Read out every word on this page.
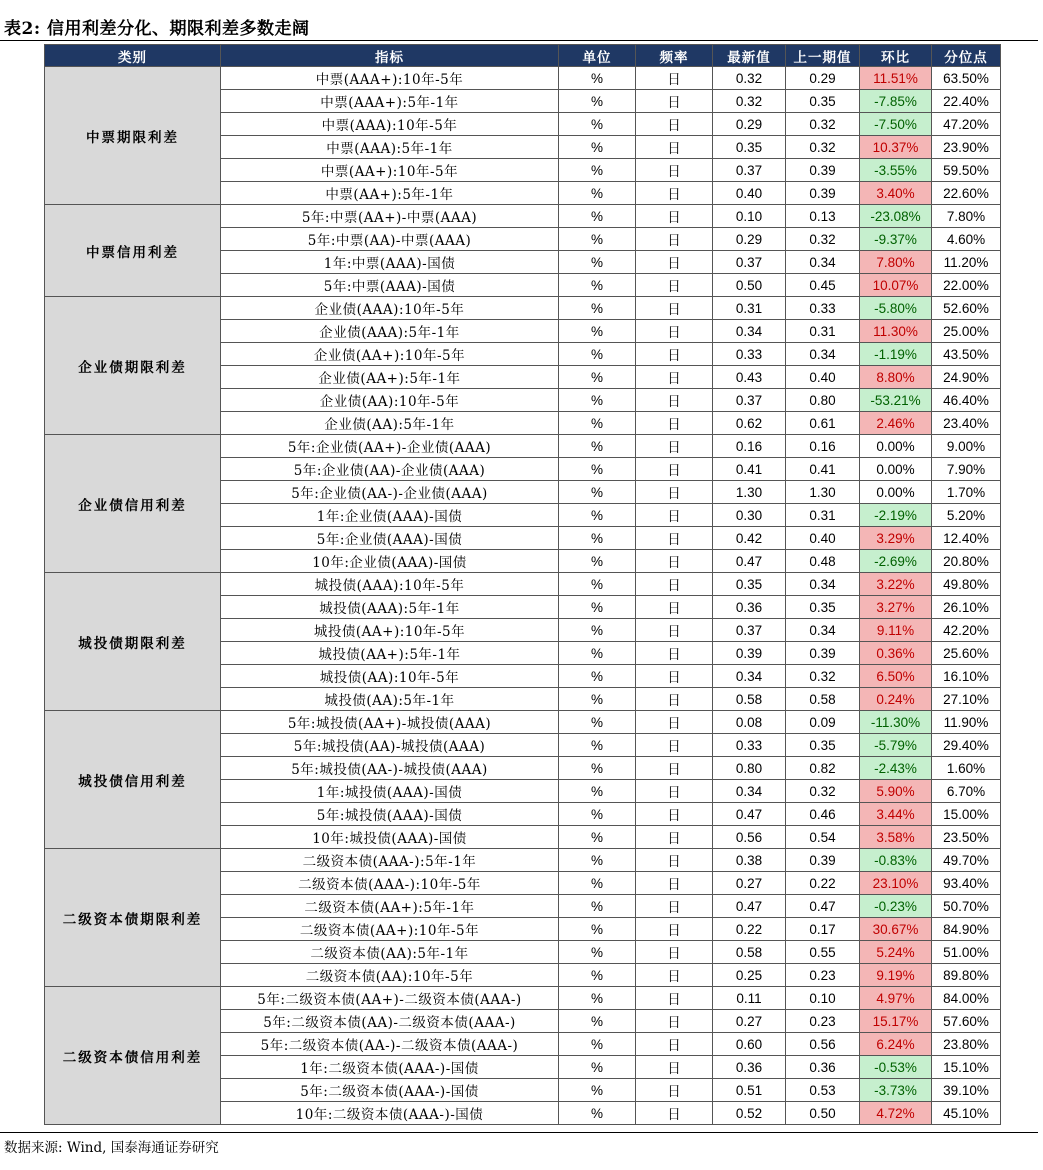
表2: 信用利差分化、期限利差多数走阔
类别	指标	单位	频率	最新值	上一期值	环比	分位点
中票期限利差	中票(AAA+):10年-5年	%	日	0.32	0.29	11.51%	63.50%
	中票(AAA+):5年-1年	%	日	0.32	0.35	-7.85%	22.40%
	中票(AAA):10年-5年	%	日	0.29	0.32	-7.50%	47.20%
	中票(AAA):5年-1年	%	日	0.35	0.32	10.37%	23.90%
	中票(AA+):10年-5年	%	日	0.37	0.39	-3.55%	59.50%
	中票(AA+):5年-1年	%	日	0.40	0.39	3.40%	22.60%
中票信用利差	5年:中票(AA+)-中票(AAA)	%	日	0.10	0.13	-23.08%	7.80%
	5年:中票(AA)-中票(AAA)	%	日	0.29	0.32	-9.37%	4.60%
	1年:中票(AAA)-国债	%	日	0.37	0.34	7.80%	11.20%
	5年:中票(AAA)-国债	%	日	0.50	0.45	10.07%	22.00%
企业债期限利差	企业债(AAA):10年-5年	%	日	0.31	0.33	-5.80%	52.60%
	企业债(AAA):5年-1年	%	日	0.34	0.31	11.30%	25.00%
	企业债(AA+):10年-5年	%	日	0.33	0.34	-1.19%	43.50%
	企业债(AA+):5年-1年	%	日	0.43	0.40	8.80%	24.90%
	企业债(AA):10年-5年	%	日	0.37	0.80	-53.21%	46.40%
	企业债(AA):5年-1年	%	日	0.62	0.61	2.46%	23.40%
企业债信用利差	5年:企业债(AA+)-企业债(AAA)	%	日	0.16	0.16	0.00%	9.00%
	5年:企业债(AA)-企业债(AAA)	%	日	0.41	0.41	0.00%	7.90%
	5年:企业债(AA-)-企业债(AAA)	%	日	1.30	1.30	0.00%	1.70%
	1年:企业债(AAA)-国债	%	日	0.30	0.31	-2.19%	5.20%
	5年:企业债(AAA)-国债	%	日	0.42	0.40	3.29%	12.40%
	10年:企业债(AAA)-国债	%	日	0.47	0.48	-2.69%	20.80%
城投债期限利差	城投债(AAA):10年-5年	%	日	0.35	0.34	3.22%	49.80%
	城投债(AAA):5年-1年	%	日	0.36	0.35	3.27%	26.10%
	城投债(AA+):10年-5年	%	日	0.37	0.34	9.11%	42.20%
	城投债(AA+):5年-1年	%	日	0.39	0.39	0.36%	25.60%
	城投债(AA):10年-5年	%	日	0.34	0.32	6.50%	16.10%
	城投债(AA):5年-1年	%	日	0.58	0.58	0.24%	27.10%
城投债信用利差	5年:城投债(AA+)-城投债(AAA)	%	日	0.08	0.09	-11.30%	11.90%
	5年:城投债(AA)-城投债(AAA)	%	日	0.33	0.35	-5.79%	29.40%
	5年:城投债(AA-)-城投债(AAA)	%	日	0.80	0.82	-2.43%	1.60%
	1年:城投债(AAA)-国债	%	日	0.34	0.32	5.90%	6.70%
	5年:城投债(AAA)-国债	%	日	0.47	0.46	3.44%	15.00%
	10年:城投债(AAA)-国债	%	日	0.56	0.54	3.58%	23.50%
二级资本债期限利差	二级资本债(AAA-):5年-1年	%	日	0.38	0.39	-0.83%	49.70%
	二级资本债(AAA-):10年-5年	%	日	0.27	0.22	23.10%	93.40%
	二级资本债(AA+):5年-1年	%	日	0.47	0.47	-0.23%	50.70%
	二级资本债(AA+):10年-5年	%	日	0.22	0.17	30.67%	84.90%
	二级资本债(AA):5年-1年	%	日	0.58	0.55	5.24%	51.00%
	二级资本债(AA):10年-5年	%	日	0.25	0.23	9.19%	89.80%
二级资本债信用利差	5年:二级资本债(AA+)-二级资本债(AAA-)	%	日	0.11	0.10	4.97%	84.00%
	5年:二级资本债(AA)-二级资本债(AAA-)	%	日	0.27	0.23	15.17%	57.60%
	5年:二级资本债(AA-)-二级资本债(AAA-)	%	日	0.60	0.56	6.24%	23.80%
	1年:二级资本债(AAA-)-国债	%	日	0.36	0.36	-0.53%	15.10%
	5年:二级资本债(AAA-)-国债	%	日	0.51	0.53	-3.73%	39.10%
	10年:二级资本债(AAA-)-国债	%	日	0.52	0.50	4.72%	45.10%
数据来源: Wind, 国泰海通证券研究
